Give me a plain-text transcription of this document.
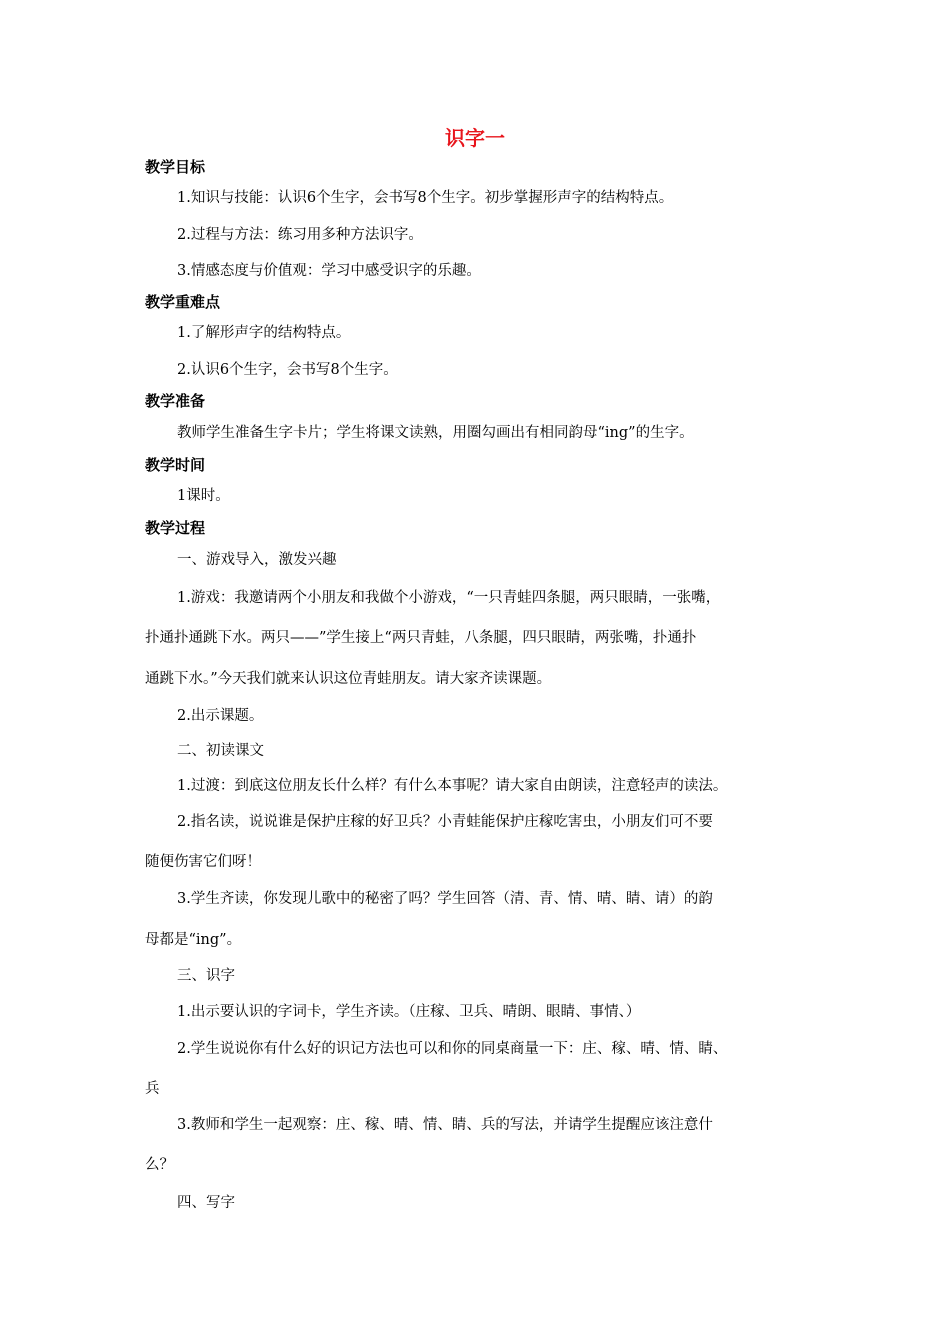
识字一
教学目标

1.知识与技能：认识6个生字，会书写8个生字。初步掌握形声字的结构特点。

2.过程与方法：练习用多种方法识字。

3.情感态度与价值观：学习中感受识字的乐趣。

教学重难点

1.了解形声字的结构特点。

2.认识6个生字，会书写8个生字。

教学准备

教师学生准备生字卡片；学生将课文读熟，用圈勾画出有相同韵母“ing”的生字。

教学时间

1课时。

教学过程

一、游戏导入，激发兴趣

1.游戏：我邀请两个小朋友和我做个小游戏，“一只青蛙四条腿，两只眼睛，一张嘴，

扑通扑通跳下水。两只——”学生接上“两只青蛙，八条腿，四只眼睛，两张嘴，扑通扑

通跳下水。”今天我们就来认识这位青蛙朋友。请大家齐读课题。

2.出示课题。

二、初读课文

1.过渡：到底这位朋友长什么样？有什么本事呢？请大家自由朗读，注意轻声的读法。

2.指名读，说说谁是保护庄稼的好卫兵？小青蛙能保护庄稼吃害虫，小朋友们可不要

随便伤害它们呀！

3.学生齐读，你发现儿歌中的秘密了吗？学生回答（清、青、情、晴、睛、请）的韵

母都是“ing”。

三、识字

1.出示要认识的字词卡，学生齐读。（庄稼、卫兵、晴朗、眼睛、事情、）

2.学生说说你有什么好的识记方法也可以和你的同桌商量一下：庄、稼、晴、情、睛、

兵

3.教师和学生一起观察：庄、稼、晴、情、睛、兵的写法，并请学生提醒应该注意什

么？

四、写字
